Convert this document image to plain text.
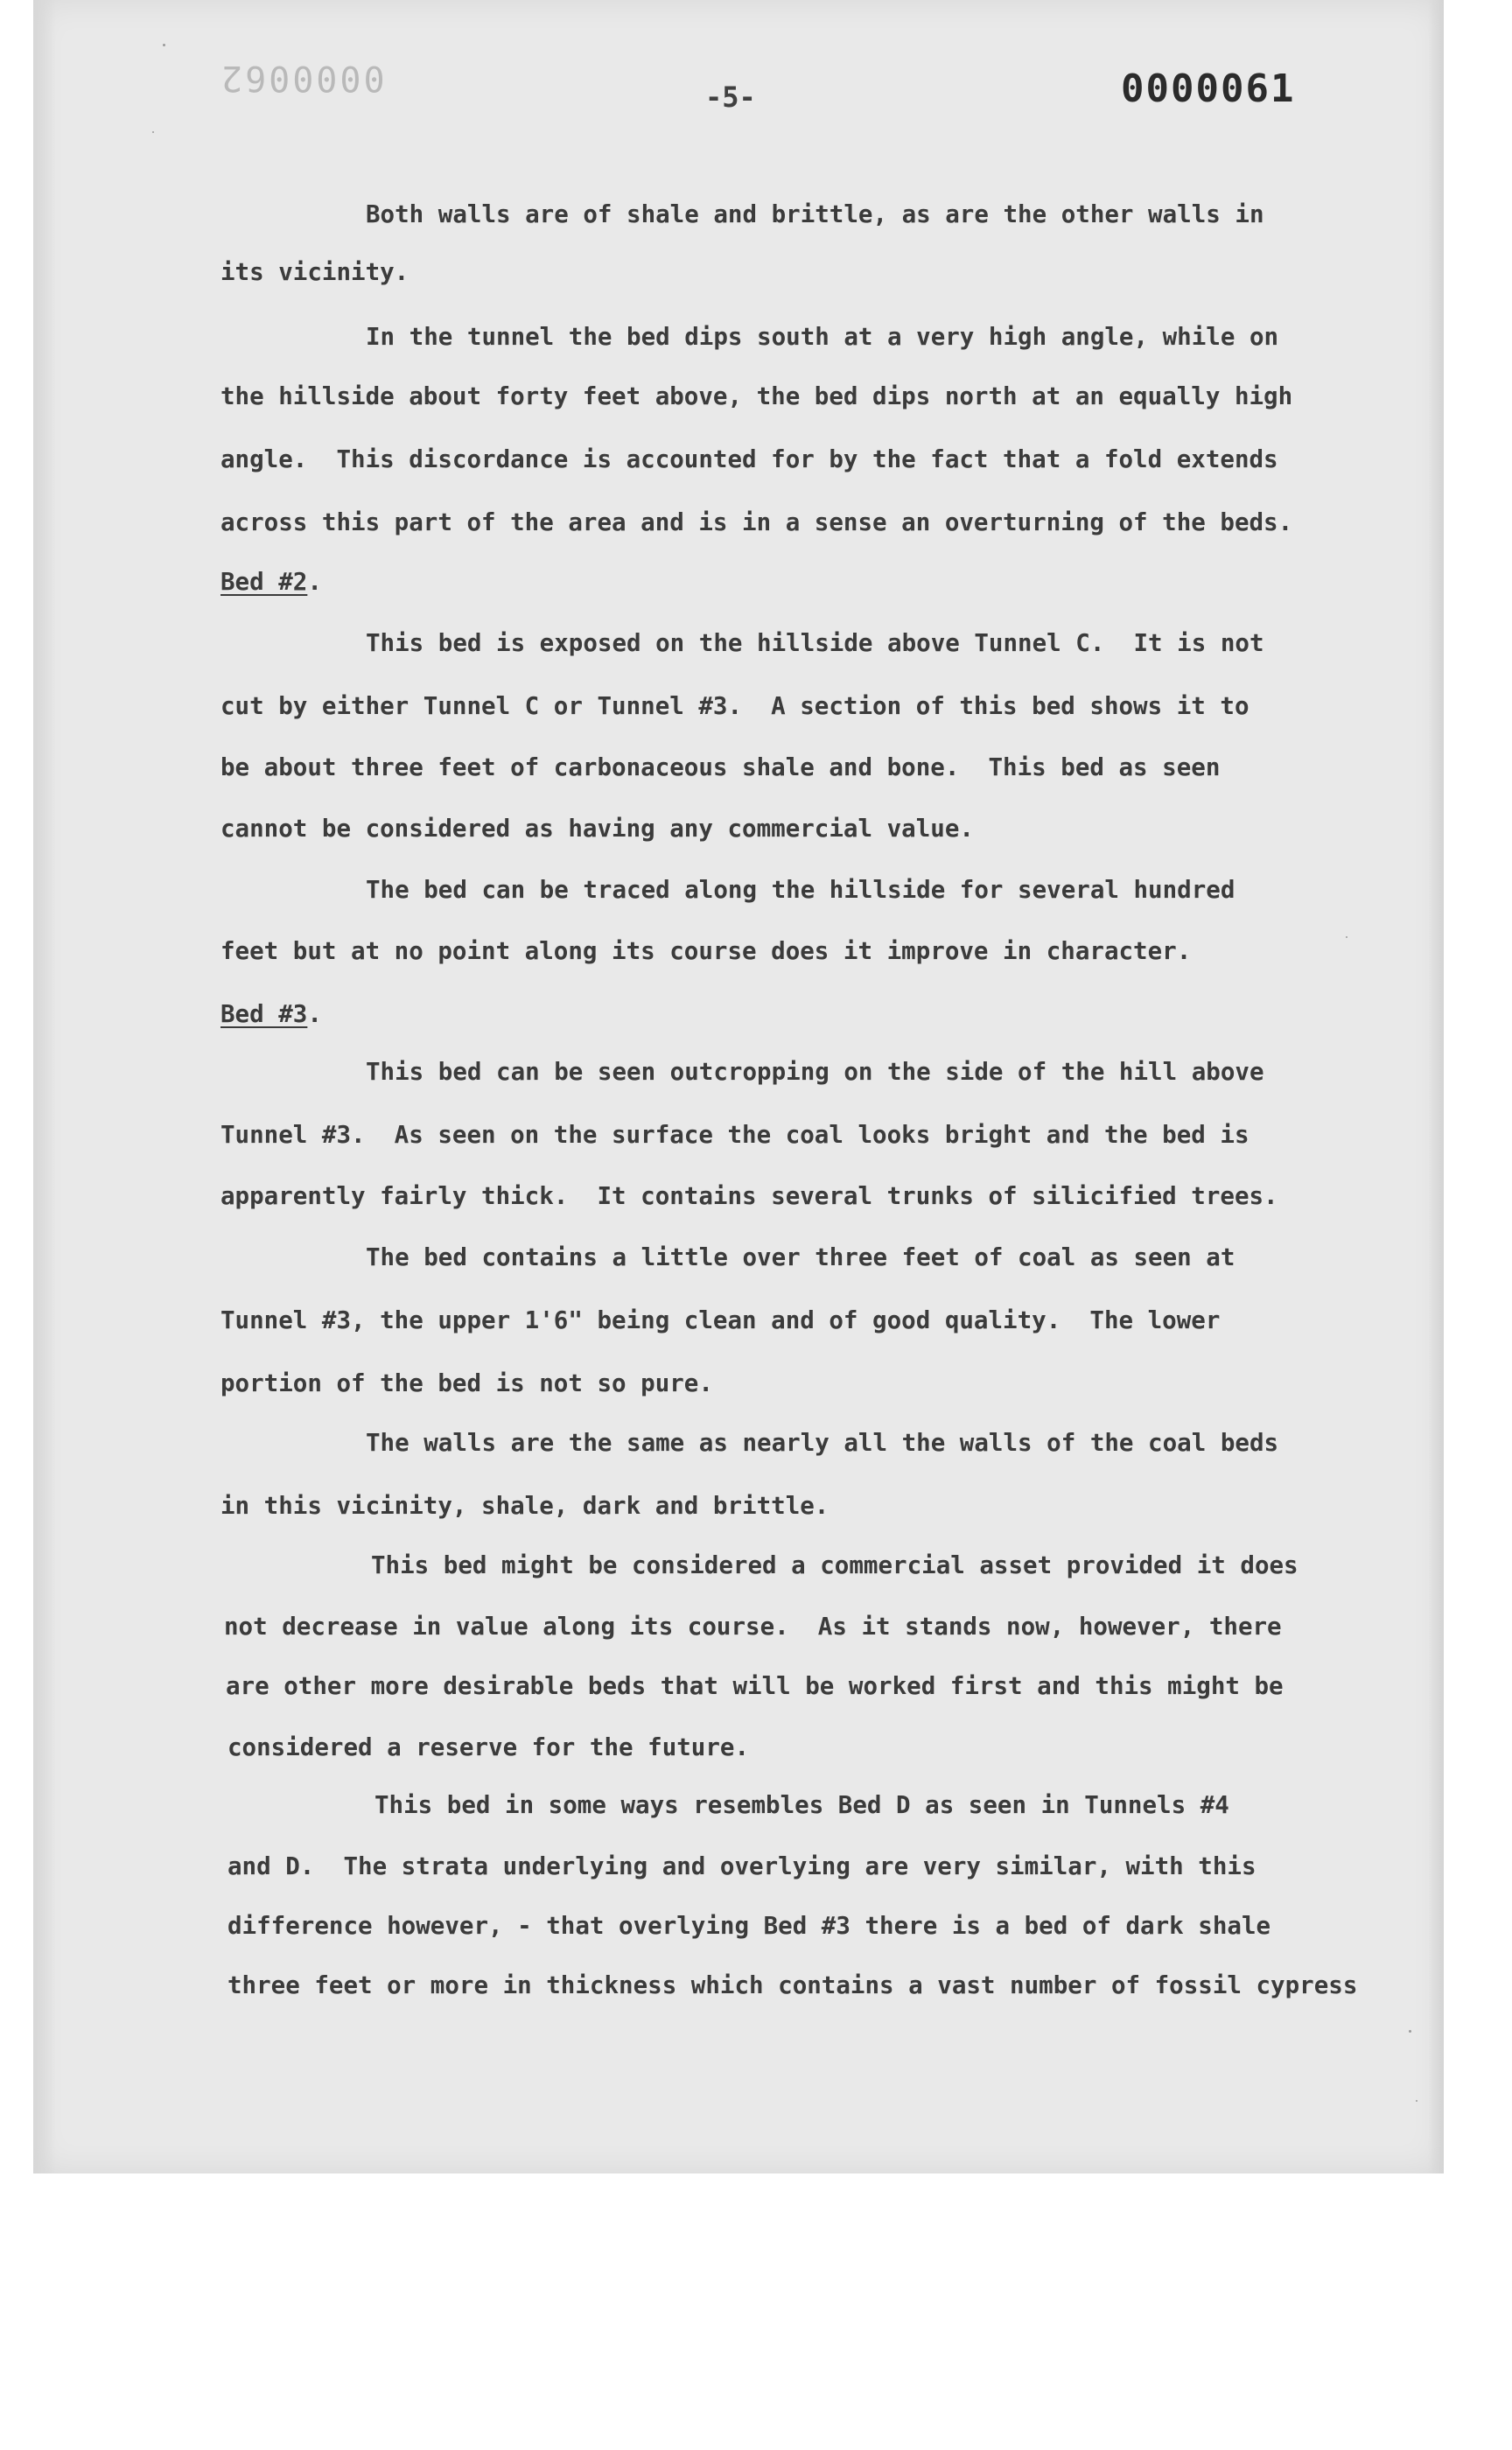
0000062	-5-	0000061
Both walls are of shale and brittle, as are the other walls in
its vicinity.
In the tunnel the bed dips south at a very high angle, while on
the hillside about forty feet above, the bed dips north at an equally high
angle.  This discordance is accounted for by the fact that a fold extends
across this part of the area and is in a sense an overturning of the beds.
Bed #2.
This bed is exposed on the hillside above Tunnel C.  It is not
cut by either Tunnel C or Tunnel #3.  A section of this bed shows it to
be about three feet of carbonaceous shale and bone.  This bed as seen
cannot be considered as having any commercial value.
The bed can be traced along the hillside for several hundred
feet but at no point along its course does it improve in character.
Bed #3.
This bed can be seen outcropping on the side of the hill above
Tunnel #3.  As seen on the surface the coal looks bright and the bed is
apparently fairly thick.  It contains several trunks of silicified trees.
The bed contains a little over three feet of coal as seen at
Tunnel #3, the upper 1'6" being clean and of good quality.  The lower
portion of the bed is not so pure.
The walls are the same as nearly all the walls of the coal beds
in this vicinity, shale, dark and brittle.
This bed might be considered a commercial asset provided it does
not decrease in value along its course.  As it stands now, however, there
are other more desirable beds that will be worked first and this might be
considered a reserve for the future.
This bed in some ways resembles Bed D as seen in Tunnels #4
and D.  The strata underlying and overlying are very similar, with this
difference however, - that overlying Bed #3 there is a bed of dark shale
three feet or more in thickness which contains a vast number of fossil cypress
